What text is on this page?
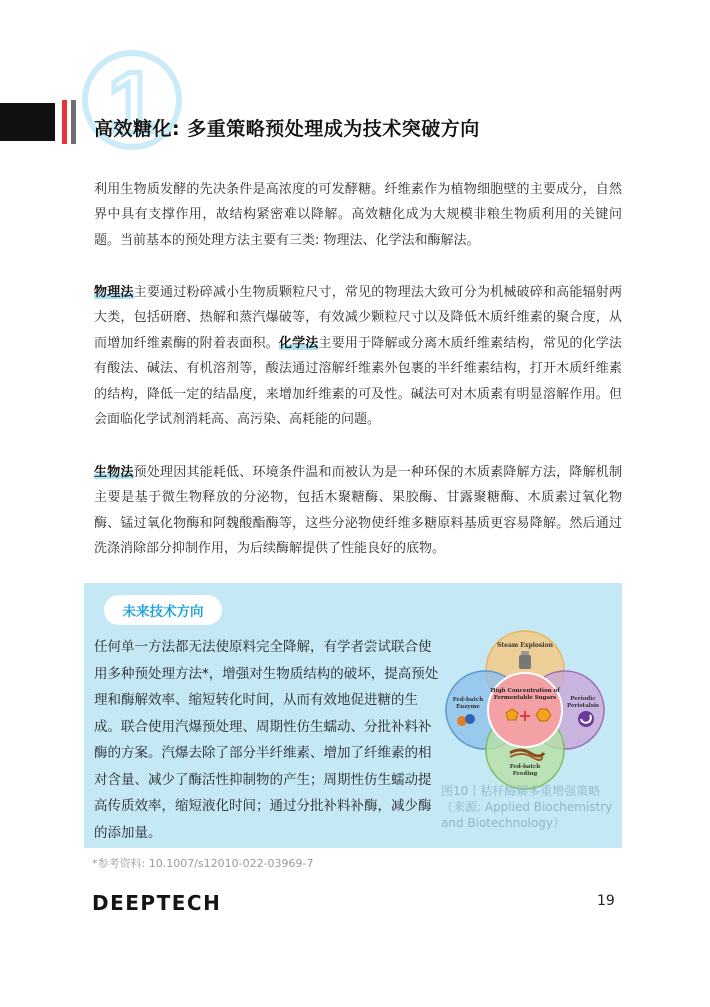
1
高效糖化: 多重策略预处理成为技术突破方向

利用生物质发酵的先决条件是高浓度的可发酵糖。纤维素作为植物细胞壁的主要成分，自然界中具有支撑作用，故结构紧密难以降解。高效糖化成为大规模非粮生物质利用的关键问题。当前基本的预处理方法主要有三类: 物理法、化学法和酶解法。

物理法主要通过粉碎减小生物质颗粒尺寸，常见的物理法大致可分为机械破碎和高能辐射两大类，包括研磨、热解和蒸汽爆破等，有效减少颗粒尺寸以及降低木质纤维素的聚合度，从而增加纤维素酶的附着表面积。化学法主要用于降解或分离木质纤维素结构，常见的化学法有酸法、碱法、有机溶剂等，酸法通过溶解纤维素外包裹的半纤维素结构，打开木质纤维素的结构，降低一定的结晶度，来增加纤维素的可及性。碱法可对木质素有明显溶解作用。但会面临化学试剂消耗高、高污染、高耗能的问题。

生物法预处理因其能耗低、环境条件温和而被认为是一种环保的木质素降解方法，降解机制主要是基于微生物释放的分泌物，包括木聚糖酶、果胶酶、甘露聚糖酶、木质素过氧化物酶、锰过氧化物酶和阿魏酸酯酶等，这些分泌物使纤维多糖原料基质更容易降解。然后通过洗涤消除部分抑制作用，为后续酶解提供了性能良好的底物。

未来技术方向

任何单一方法都无法使原料完全降解，有学者尝试联合使用多种预处理方法*，增强对生物质结构的破坏，提高预处理和酶解效率、缩短转化时间，从而有效地促进糖的生成。联合使用汽爆预处理、周期性仿生蠕动、分批补料补酶的方案。汽爆去除了部分半纤维素、增加了纤维素的相对含量、减少了酶活性抑制物的产生；周期性仿生蠕动提高传质效率，缩短液化时间；通过分批补料补酶，减少酶的添加量。

Steam Explosion
Fed-batch
Enzyme
Periodic
Peristalsis
Fed-batch
Feeding
High Concentration of
Fermentable Sugars
+

图10丨秸秆酶解多重增强策略
（来源: Applied Biochemistry
and Biotechnology）

*参考资料: 10.1007/s12010-022-03969-7

DEEPTECH	19
